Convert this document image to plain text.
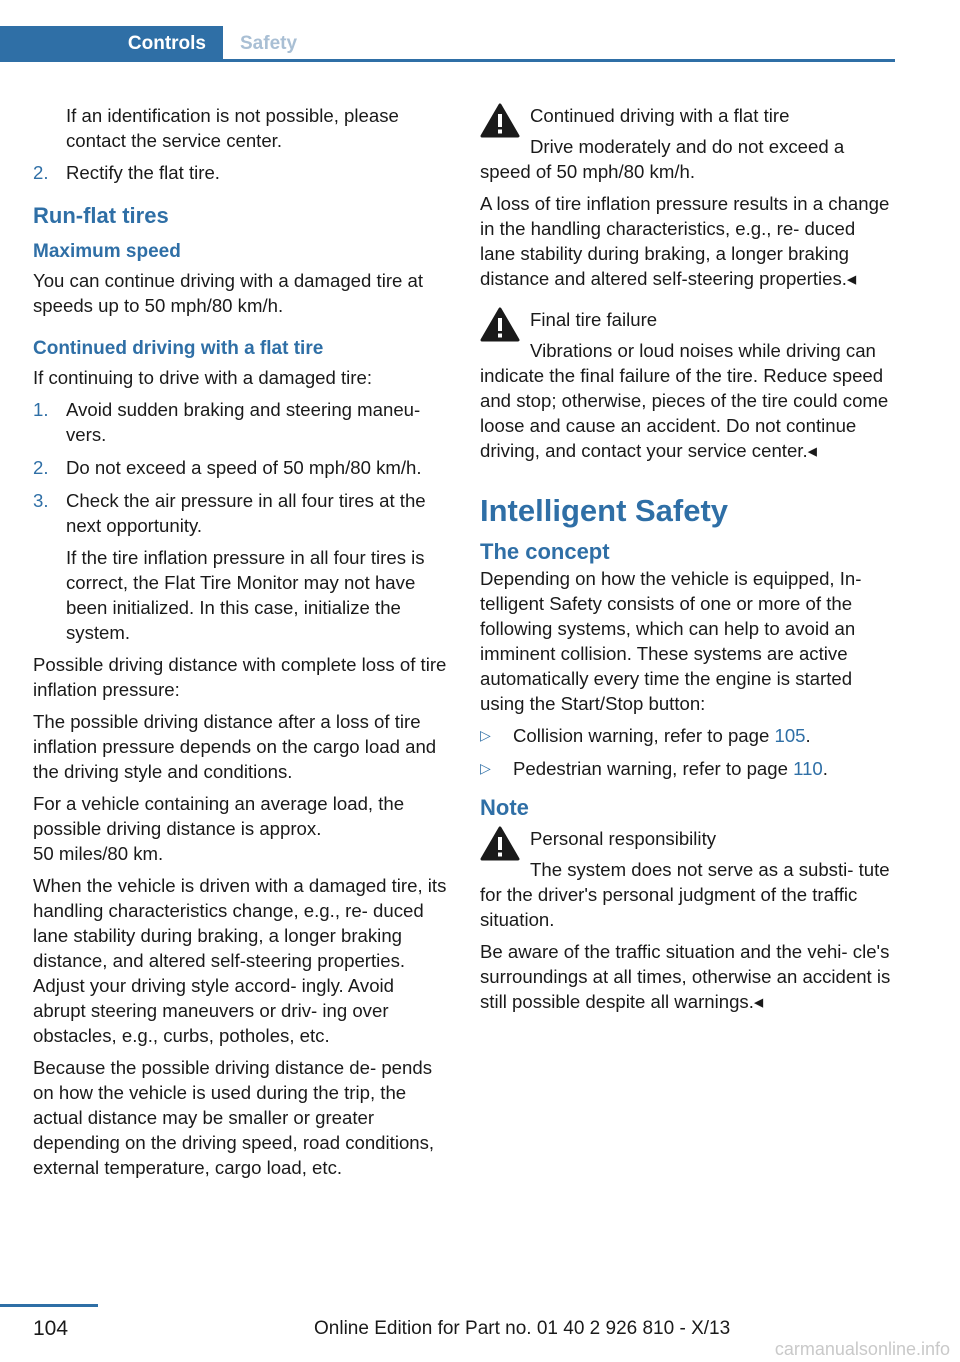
Controls	Safety

If an identification is not possible, please contact the service center.

2. Rectify the flat tire.
Run-flat tires
Maximum speed

You can continue driving with a damaged tire at speeds up to 50 mph/80 km/h.

Continued driving with a flat tire

If continuing to drive with a damaged tire:

1. Avoid sudden braking and steering maneu- vers.
2. Do not exceed a speed of 50 mph/80 km/h.
3. Check the air pressure in all four tires at the next opportunity.
If the tire inflation pressure in all four tires is correct, the Flat Tire Monitor may not have been initialized. In this case, initialize the system.

Possible driving distance with complete loss of tire inflation pressure:

The possible driving distance after a loss of tire inflation pressure depends on the cargo load and the driving style and conditions.

For a vehicle containing an average load, the possible driving distance is approx.
50 miles/80 km.

When the vehicle is driven with a damaged tire, its handling characteristics change, e.g., re- duced lane stability during braking, a longer braking distance, and altered self-steering properties. Adjust your driving style accord- ingly. Avoid abrupt steering maneuvers or driv- ing over obstacles, e.g., curbs, potholes, etc.

Because the possible driving distance de- pends on how the vehicle is used during the trip, the actual distance may be smaller or greater depending on the driving speed, road conditions, external temperature, cargo load, etc.

Continued driving with a flat tire
Drive moderately and do not exceed a speed of 50 mph/80 km/h.

A loss of tire inflation pressure results in a change in the handling characteristics, e.g., re- duced lane stability during braking, a longer braking distance and altered self-steering properties.◂

Final tire failure
Vibrations or loud noises while driving can indicate the final failure of the tire. Reduce speed and stop; otherwise, pieces of the tire could come loose and cause an accident. Do not continue driving, and contact your service center.◂
Intelligent Safety
The concept

Depending on how the vehicle is equipped, In- telligent Safety consists of one or more of the following systems, which can help to avoid an imminent collision. These systems are active automatically every time the engine is started using the Start/Stop button:

▷ Collision warning, refer to page 105.
▷ Pedestrian warning, refer to page 110.
Note
Personal responsibility
The system does not serve as a substi- tute for the driver's personal judgment of the traffic situation.

Be aware of the traffic situation and the vehi- cle's surroundings at all times, otherwise an accident is still possible despite all warnings.◂

104	Online Edition for Part no. 01 40 2 926 810 - X/13
carmanualsonline.info
